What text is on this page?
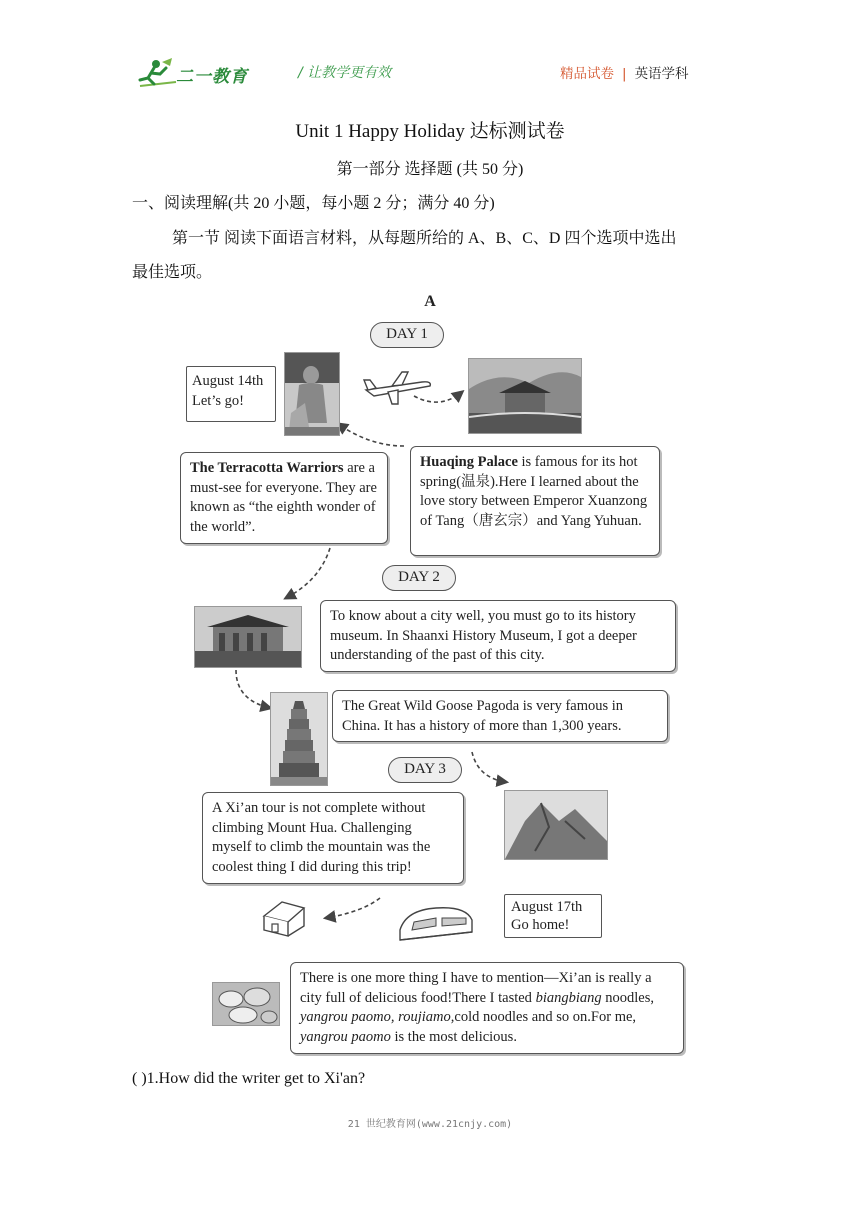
二一教育	/ 让教学更有效	精品试卷 | 英语学科
Unit 1 Happy Holiday 达标测试卷
第一部分 选择题 (共 50 分)
一、阅读理解(共 20 小题，每小题 2 分；满分 40 分)
第一节 阅读下面语言材料，从每题所给的 A、B、C、D 四个选项中选出
最佳选项。
A
DAY 1
DAY 2
DAY 3
August 14th
Let’s go!
The Terracotta Warriors are a must-see for everyone. They are known as “the eighth wonder of the world”.
Huaqing Palace is famous for its hot spring(温泉).Here I learned about the love story between Emperor Xuanzong of Tang（唐玄宗）and Yang Yuhuan.
To know about a city well, you must go to its history museum. In Shaanxi History Museum, I got a deeper understanding of the past of this city.
The Great Wild Goose Pagoda is very famous in China. It has a history of more than 1,300 years.
A Xi’an tour is not complete without climbing Mount Hua. Challenging myself to climb the mountain was the coolest thing I did during this trip!
August 17th
Go home!
There is one more thing I have to mention—Xi’an is really a city full of delicious food!There I tasted biangbiang noodles, yangrou paomo, roujiamo,cold noodles and so on.For me, yangrou paomo is the most delicious.
( )1.How did the writer get to Xi'an?
21 世纪教育网(www.21cnjy.com)
